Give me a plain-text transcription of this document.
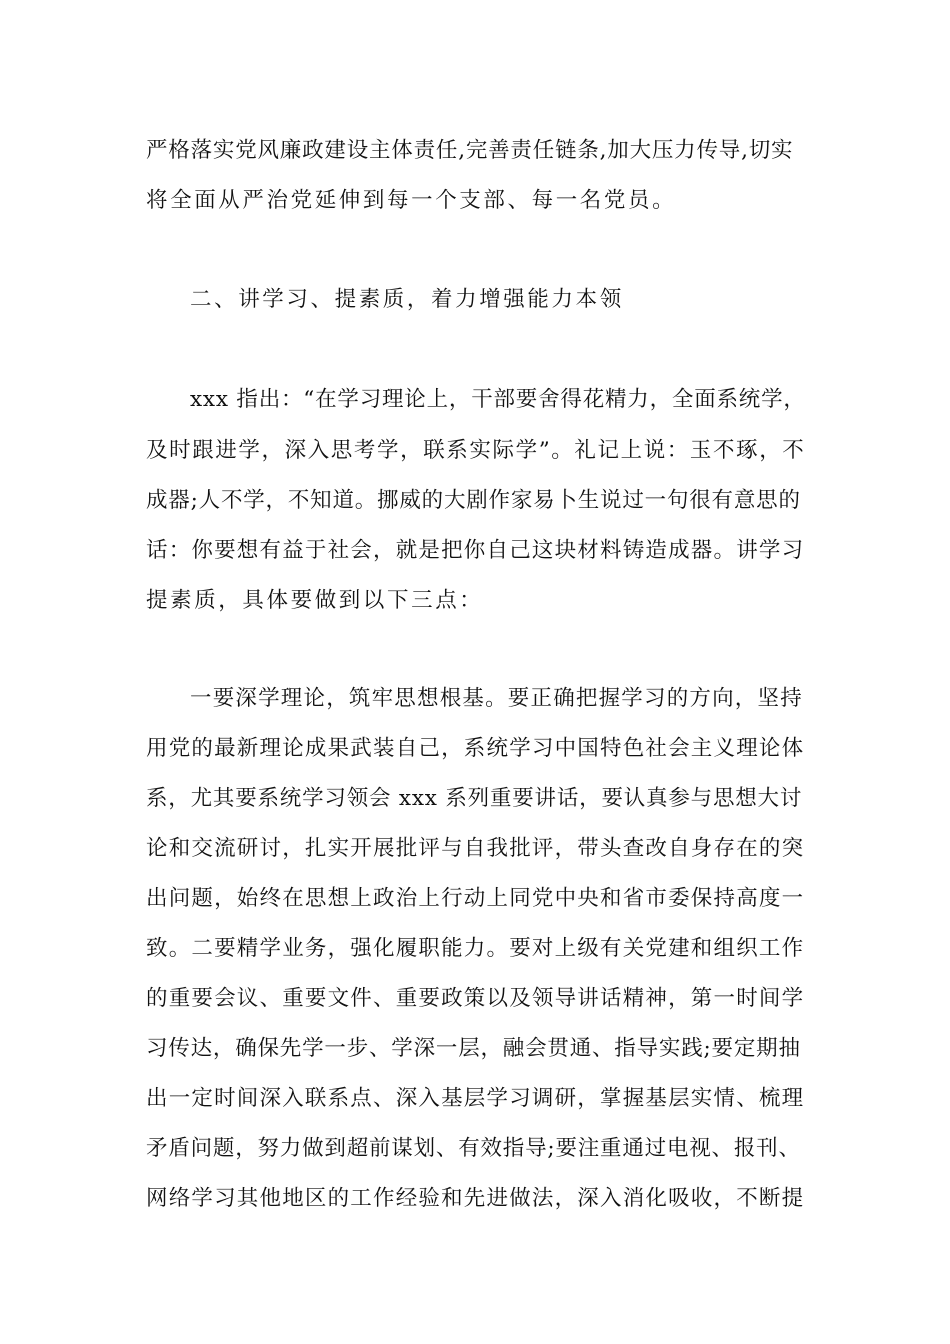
严格落实党风廉政建设主体责任,完善责任链条,加大压力传导,切实
将全面从严治党延伸到每一个支部、每一名党员。
二、讲学习、提素质，着力增强能力本领
xxx 指出：“在学习理论上，干部要舍得花精力，全面系统学，
及时跟进学，深入思考学，联系实际学”。礼记上说：玉不琢，不
成器;人不学，不知道。挪威的大剧作家易卜生说过一句很有意思的
话：你要想有益于社会，就是把你自己这块材料铸造成器。讲学习
提素质，具体要做到以下三点：
一要深学理论，筑牢思想根基。要正确把握学习的方向，坚持
用党的最新理论成果武装自己，系统学习中国特色社会主义理论体
系，尤其要系统学习领会 xxx 系列重要讲话，要认真参与思想大讨
论和交流研讨，扎实开展批评与自我批评，带头查改自身存在的突
出问题，始终在思想上政治上行动上同党中央和省市委保持高度一
致。二要精学业务，强化履职能力。要对上级有关党建和组织工作
的重要会议、重要文件、重要政策以及领导讲话精神，第一时间学
习传达，确保先学一步、学深一层，融会贯通、指导实践;要定期抽
出一定时间深入联系点、深入基层学习调研，掌握基层实情、梳理
矛盾问题，努力做到超前谋划、有效指导;要注重通过电视、报刊、
网络学习其他地区的工作经验和先进做法，深入消化吸收，不断提
